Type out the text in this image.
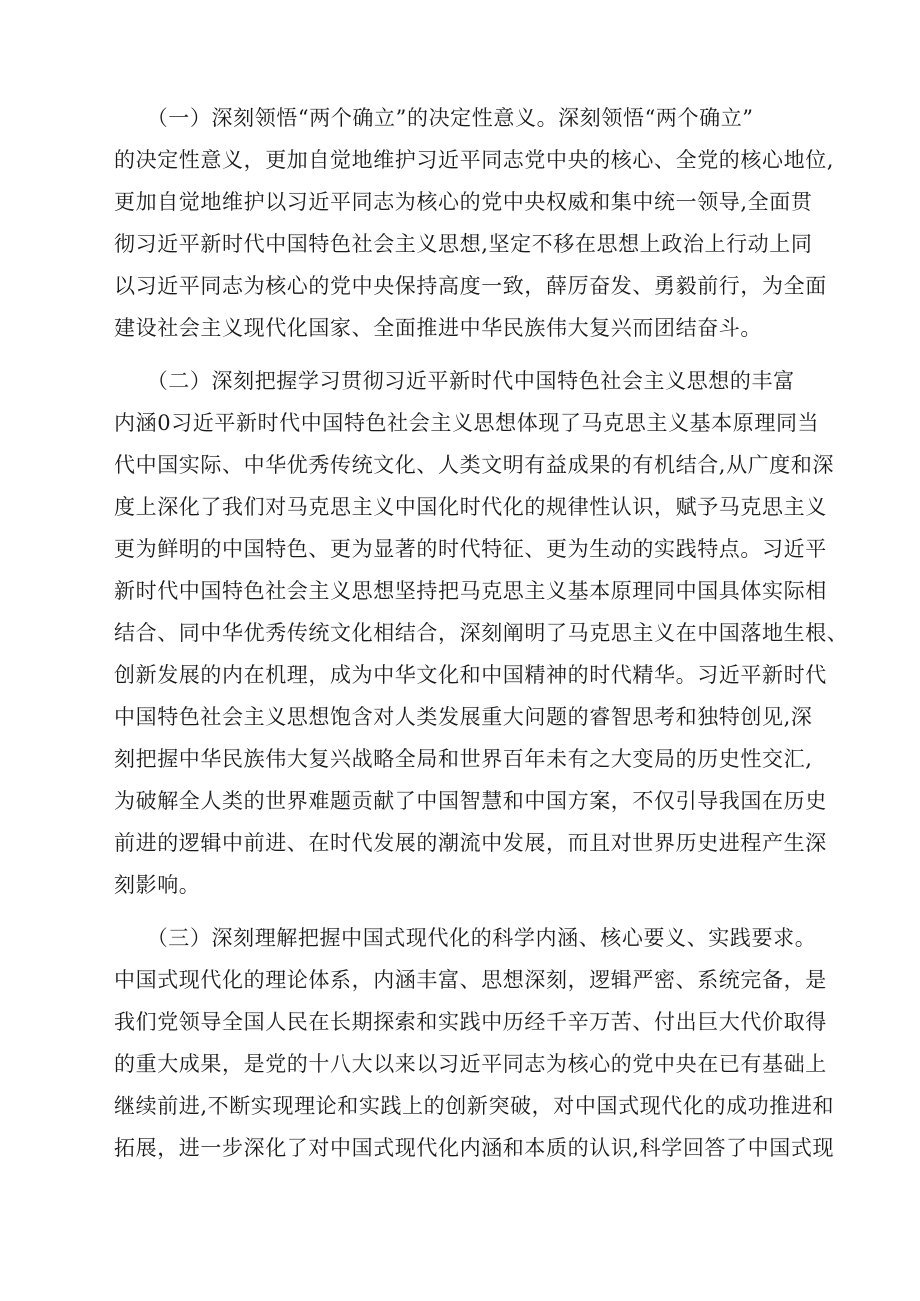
　　（一）深刻领悟“两个确立”的决定性意义。深刻领悟“两个确立”
的决定性意义，更加自觉地维护习近平同志党中央的核心、全党的核心地位,
更加自觉地维护以习近平同志为核心的党中央权威和集中统一领导,全面贯
彻习近平新时代中国特色社会主义思想,坚定不移在思想上政治上行动上同
以习近平同志为核心的党中央保持高度一致，薛厉奋发、勇毅前行，为全面
建设社会主义现代化国家、全面推进中华民族伟大复兴而团结奋斗。
　　（二）深刻把握学习贯彻习近平新时代中国特色社会主义思想的丰富
内涵0习近平新时代中国特色社会主义思想体现了马克思主义基本原理同当
代中国实际、中华优秀传统文化、人类文明有益成果的有机结合,从广度和深
度上深化了我们对马克思主义中国化时代化的规律性认识，赋予马克思主义
更为鲜明的中国特色、更为显著的时代特征、更为生动的实践特点。习近平
新时代中国特色社会主义思想坚持把马克思主义基本原理同中国具体实际相
结合、同中华优秀传统文化相结合，深刻阐明了马克思主义在中国落地生根、
创新发展的内在机理，成为中华文化和中国精神的时代精华。习近平新时代
中国特色社会主义思想饱含对人类发展重大问题的睿智思考和独特创见,深
刻把握中华民族伟大复兴战略全局和世界百年未有之大变局的历史性交汇,
为破解全人类的世界难题贡献了中国智慧和中国方案，不仅引导我国在历史
前进的逻辑中前进、在时代发展的潮流中发展，而且对世界历史进程产生深
刻影响。
　　（三）深刻理解把握中国式现代化的科学内涵、核心要义、实践要求。
中国式现代化的理论体系，内涵丰富、思想深刻，逻辑严密、系统完备，是
我们党领导全国人民在长期探索和实践中历经千辛万苦、付出巨大代价取得
的重大成果，是党的十八大以来以习近平同志为核心的党中央在已有基础上
继续前进,不断实现理论和实践上的创新突破，对中国式现代化的成功推进和
拓展，进一步深化了对中国式现代化内涵和本质的认识,科学回答了中国式现
